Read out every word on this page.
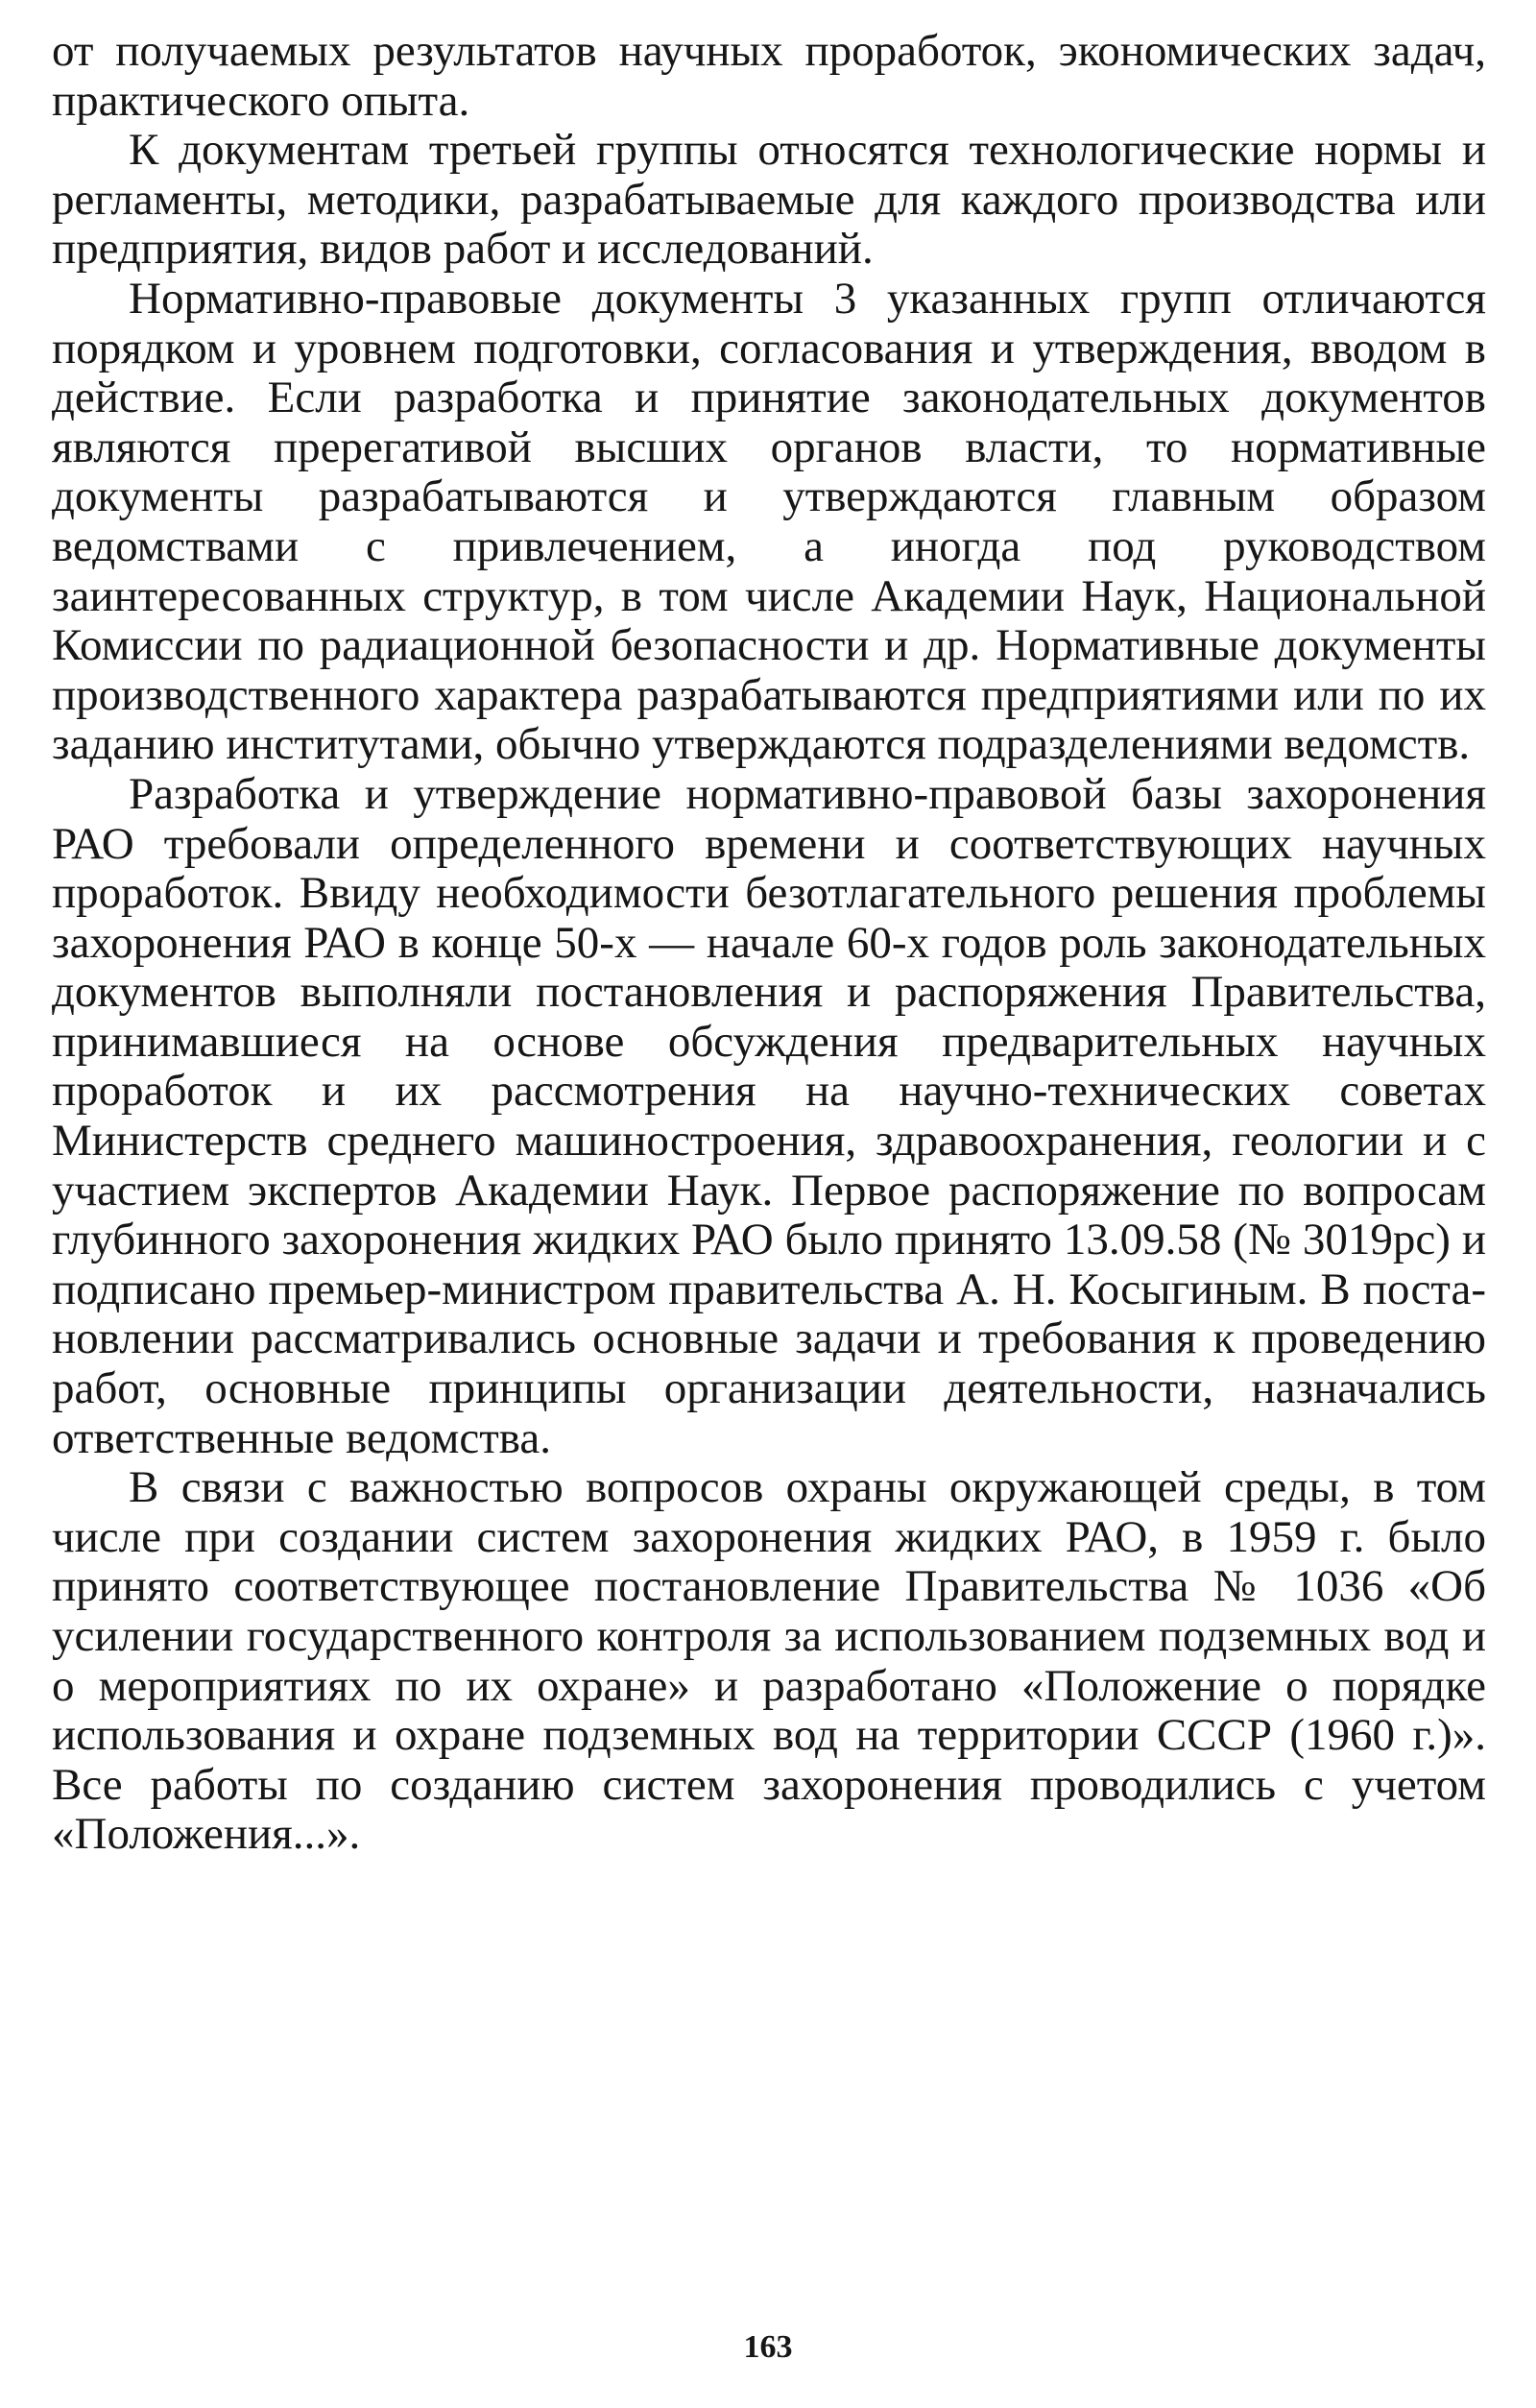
от получаемых результатов научных проработок, экономических задач, практического опыта.

К документам третьей группы относятся технологические нормы и регламенты, методики, разрабатываемые для каждого производства или предприятия, видов работ и исследований.

Нормативно-правовые документы 3 указанных групп отличаются порядком и уровнем подготовки, согласования и утверждения, вводом в действие. Если разработка и принятие законодательных документов являются пререгативой высших органов власти, то нормативные документы разрабатываются и утверждаются главным образом ведомствами с привлечением, а иногда под руководством заинтересованных структур, в том числе Академии Наук, Национальной Комиссии по радиационной безопасности и др. Нормативные документы производственного характера разрабатываются предприятиями или по их заданию институтами, обычно утверждаются подразделениями ведомств.

Разработка и утверждение нормативно-правовой базы захоронения РАО требовали определенного времени и соответствующих научных проработок. Ввиду необходимости безотлагательного решения проблемы захоронения РАО в конце 50-х — начале 60-х годов роль законодательных документов выполняли постановления и распоряжения Правительства, принимавшиеся на основе обсуждения предварительных научных проработок и их рассмотрения на научно-технических советах Министерств среднего машиностроения, здравоохранения, геологии и с участием экспертов Академии Наук. Первое распоряжение по вопросам глубинного захоронения жидких РАО было принято 13.09.58 (№ 3019рс) и подписано премьер-министром правительства А. Н. Косыгиным. В постановлении рассматривались основные задачи и требования к проведению работ, основные принципы организации деятельности, назначались ответственные ведомства.

В связи с важностью вопросов охраны окружающей среды, в том числе при создании систем захоронения жидких РАО, в 1959 г. было принято соответствующее постановление Правительства № 1036 «Об усилении государственного контроля за использованием подземных вод и о мероприятиях по их охране» и разработано «Положение о порядке использования и охране подземных вод на территории СССР (1960 г.)». Все работы по созданию систем захоронения проводились с учетом «Положения...».

163
